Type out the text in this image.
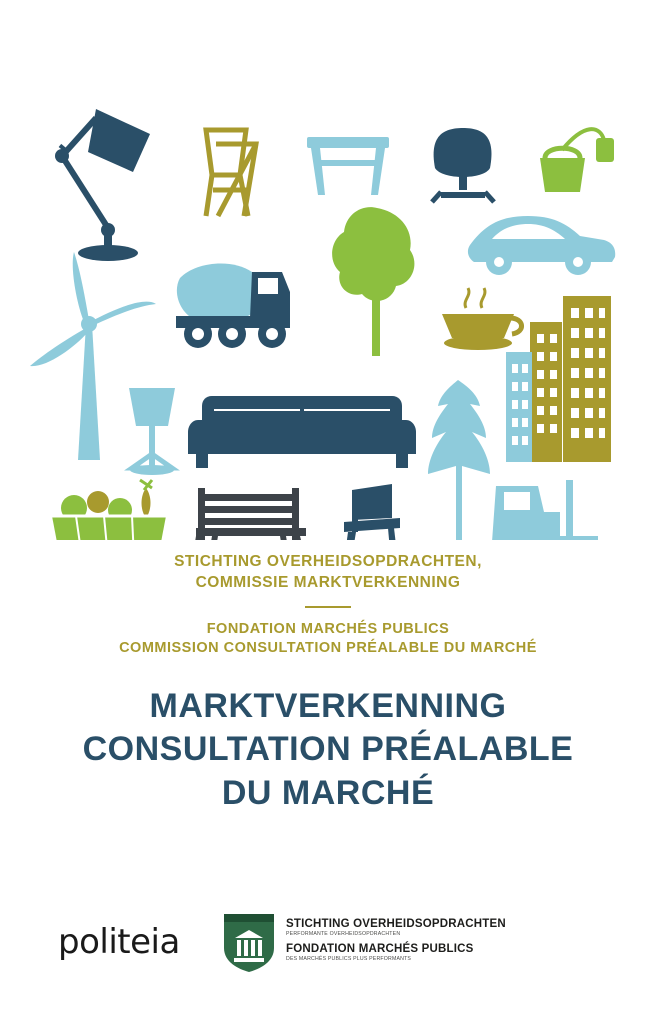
STICHTING OVERHEIDSOPDRACHTEN,
COMMISSIE MARKTVERKENNING
FONDATION MARCHÉS PUBLICS
COMMISSION CONSULTATION PRÉALABLE DU MARCHÉ
MARKTVERKENNING
CONSULTATION PRÉALABLE
DU MARCHÉ
politeia	STICHTING OVERHEIDSOPDRACHTEN
PERFORMANTE OVERHEIDSOPDRACHTEN
FONDATION MARCHÉS PUBLICS
DES MARCHÉS PUBLICS PLUS PERFORMANTS
